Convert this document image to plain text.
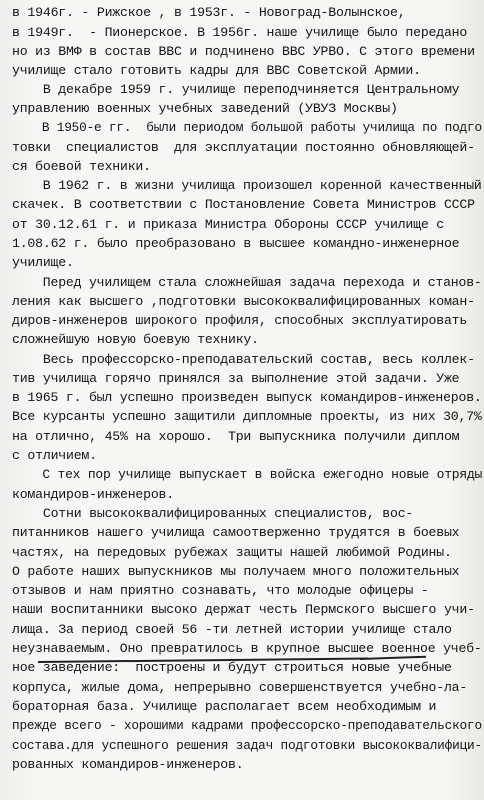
в 1946г. - Рижское , в 1953г. - Новоград-Волынское,
в 1949г.  - Пионерское. В 1956г. наше училище было передано
но из ВМФ в состав ВВС и подчинено ВВС УРВО. С этого времени
училище стало готовить кадры для ВВС Советской Армии.
В декабре 1959 г. училище переподчиняется Центральному
управлению военных учебных заведений (УВУЗ Москвы)
В 1950-е гг.  были периодом большой работы училища по подго
товки  специалистов  для эксплуатации постоянно обновляющей-
ся боевой техники.
В 1962 г. в жизни училища произошел коренной качественный
скачек. В соответствии с Постановление Совета Министров СССР
от 30.12.61 г. и приказа Министра Обороны СССР училище с
1.08.62 г. было преобразовано в высшее командно-инженерное
училище.
Перед училищем стала сложнейшая задача перехода и станов-
ления как высшего ,подготовки высококвалифицированных коман-
диров-инженеров широкого профиля, способных эксплуатировать
сложнейшую новую боевую технику.
Весь профессорско-преподавательский состав, весь коллек-
тив училища горячо принялся за выполнение этой задачи. Уже
в 1965 г. был успешно произведен выпуск командиров-инженеров.
Все курсанты успешно защитили дипломные проекты, из них 30,7%
на отлично, 45% на хорошо.  Три выпускника получили диплом
с отличием.
С тех пор училище выпускает в войска ежегодно новые отряды
командиров-инженеров.
Сотни высококвалифицированных специалистов, вос-
питанников нашего училища самоотверженно трудятся в боевых
частях, на передовых рубежах защиты нашей любимой Родины.
О работе наших выпускников мы получаем много положительных
отзывов и нам приятно сознавать, что молодые офицеры -
наши воспитанники высоко держат честь Пермского высшего учи-
лища. За период своей 56 -ти летней истории училище стало
неузнаваемым. Оно превратилось в крупное высшее военное учеб-
ное заведение:  построены и будут строиться новые учебные
корпуса, жилые дома, непрерывно совершенствуется учебно-ла-
бораторная база. Училище располагает всем необходимым и
прежде всего - хорошими кадрами профессорско-преподавательского
состава.для успешного решения задач подготовки высококвалифици-
рованных командиров-инженеров.
